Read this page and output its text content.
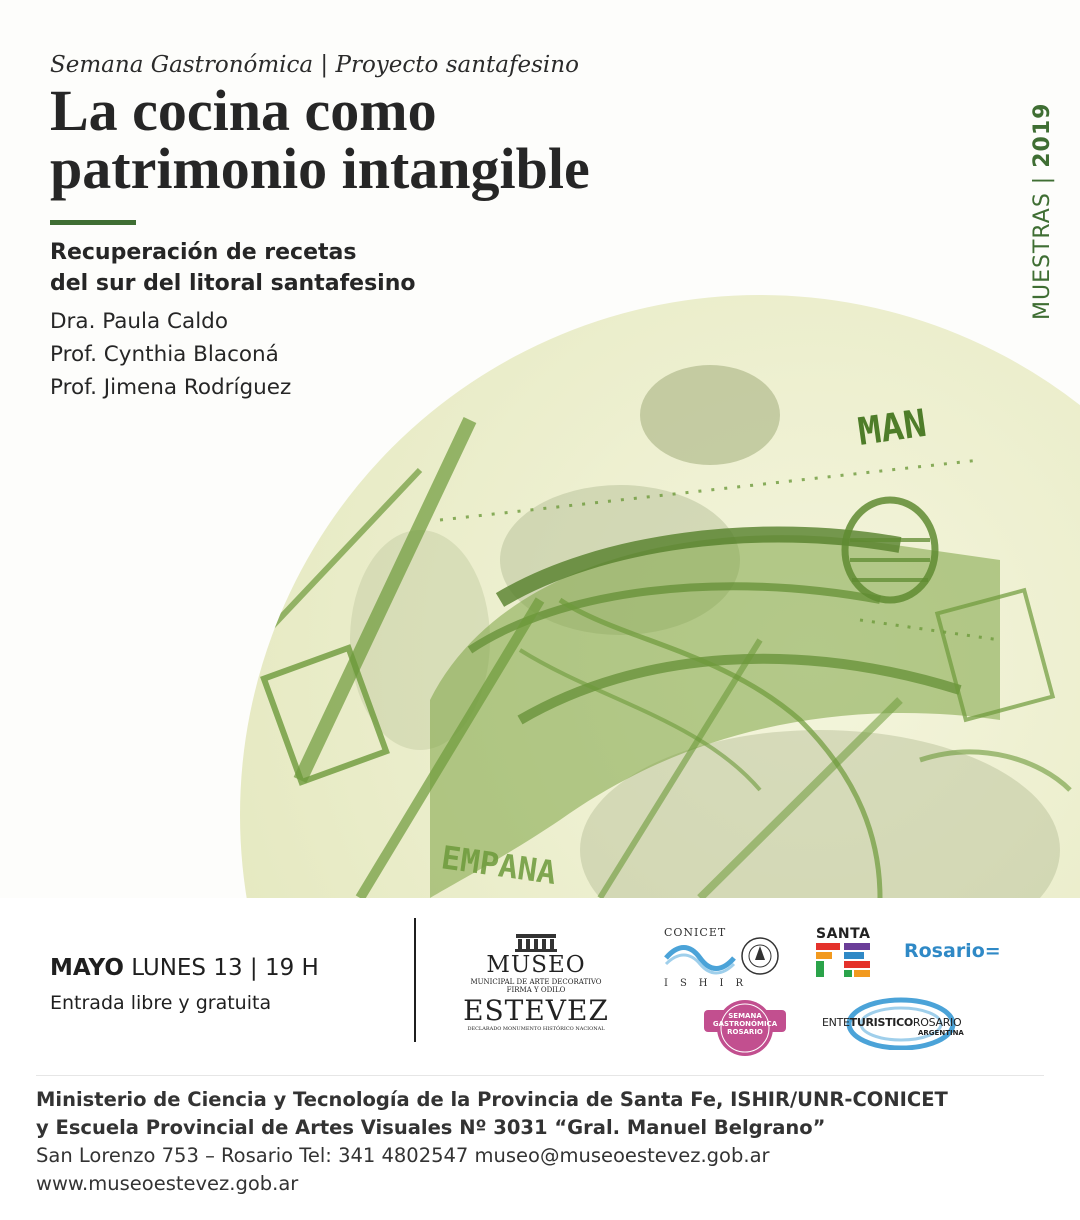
MAN
EMPANA
Semana Gastronómica | Proyecto santafesino
La cocina como
patrimonio intangible
Recuperación de recetas
del sur del litoral santafesino
Dra. Paula Caldo
Prof. Cynthia Blaconá
Prof. Jimena Rodríguez
MUESTRAS | 2019
MAYO LUNES 13 | 19 H
Entrada libre y gratuita
MUSEO
MUNICIPAL DE ARTE DECORATIVO FIRMA Y ODILO
ESTEVEZ
DECLARADO MONUMENTO HISTÓRICO NACIONAL
CONICET
ISHIR
SANTA
FE
Rosario=
SEMANA GASTRONÓMICA ROSARIO
ENTETURISTICOROSARIO
ARGENTINA
Ministerio de Ciencia y Tecnología de la Provincia de Santa Fe, ISHIR/UNR-CONICET
y Escuela Provincial de Artes Visuales Nº 3031 “Gral. Manuel Belgrano”
San Lorenzo 753 – Rosario Tel: 341 4802547 museo@museoestevez.gob.ar
www.museoestevez.gob.ar
